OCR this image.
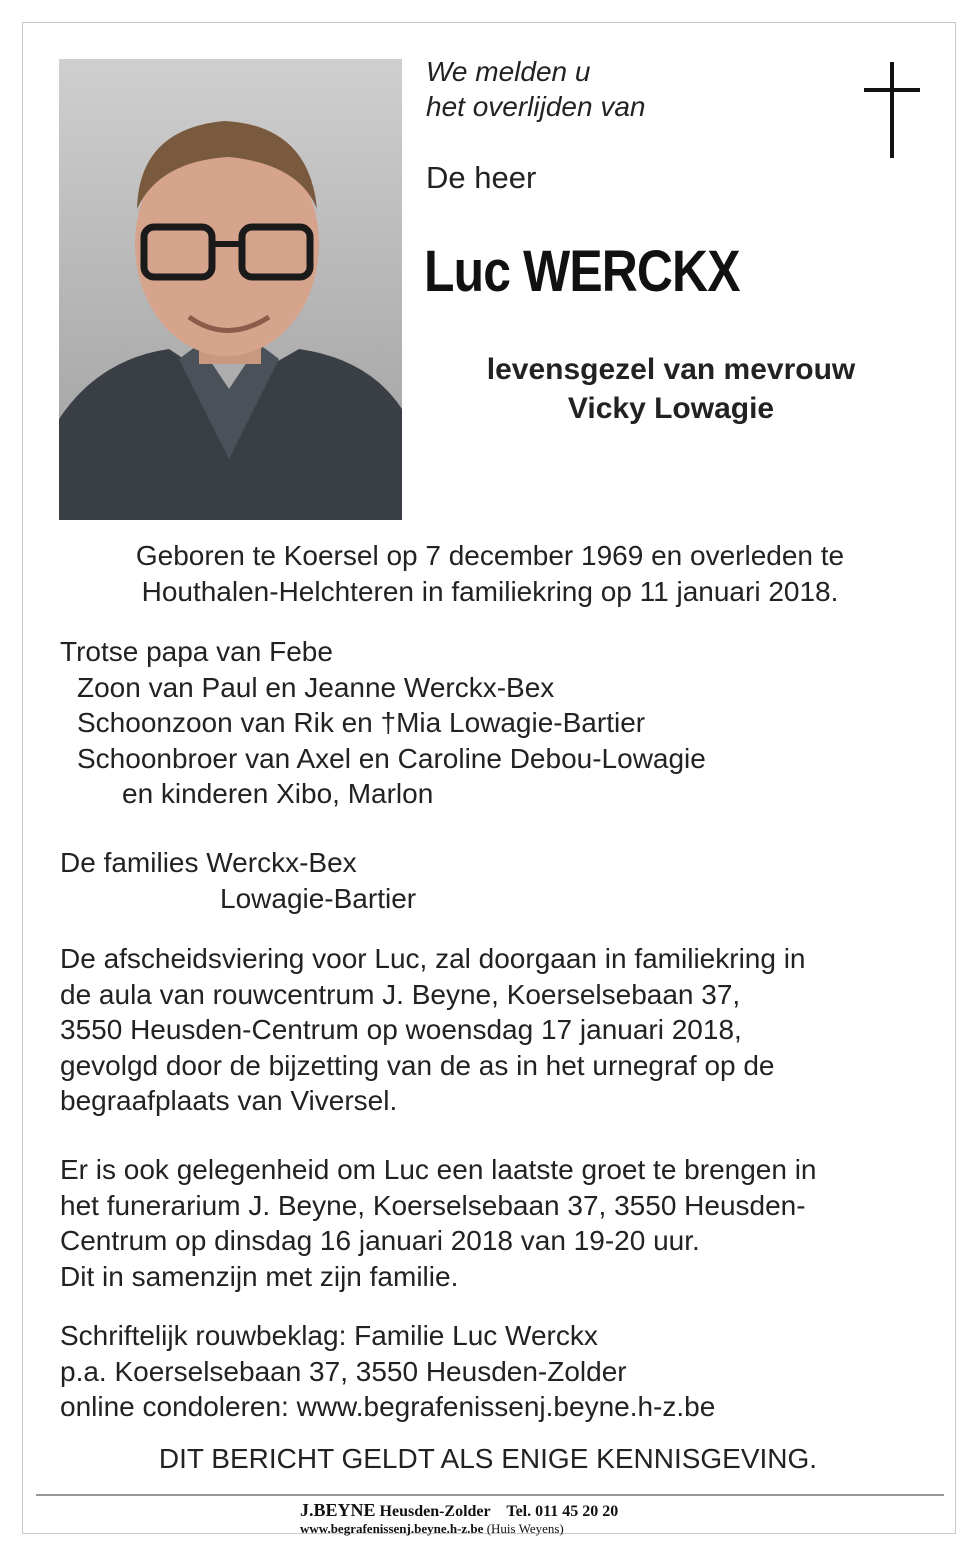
We melden u
het overlijden van
De heer
Luc WERCKX
levensgezel van mevrouw
Vicky Lowagie
Geboren te Koersel op 7 december 1969 en overleden te
Houthalen-Helchteren in familiekring op 11 januari 2018.
Trotse papa van Febe
Zoon van Paul en Jeanne Werckx-Bex
Schoonzoon van Rik en †Mia Lowagie-Bartier
Schoonbroer van Axel en Caroline Debou-Lowagie
en kinderen Xibo, Marlon
De families Werckx-Bex
Lowagie-Bartier
De afscheidsviering voor Luc, zal doorgaan in familiekring in
de aula van rouwcentrum J. Beyne, Koerselsebaan 37,
3550 Heusden-Centrum op woensdag 17 januari 2018,
gevolgd door de bijzetting van de as in het urnegraf op de
begraafplaats van Viversel.
Er is ook gelegenheid om Luc een laatste groet te brengen in
het funerarium J. Beyne, Koerselsebaan 37, 3550 Heusden-
Centrum op dinsdag 16 januari 2018 van 19-20 uur.
Dit in samenzijn met zijn familie.
Schriftelijk rouwbeklag: Familie Luc Werckx
p.a. Koerselsebaan 37, 3550 Heusden-Zolder
online condoleren: www.begrafenissenj.beyne.h-z.be
DIT BERICHT GELDT ALS ENIGE KENNISGEVING.
J.BEYNE Heusden-Zolder Tel. 011 45 20 20
www.begrafenissenj.beyne.h-z.be (Huis Weyens)
